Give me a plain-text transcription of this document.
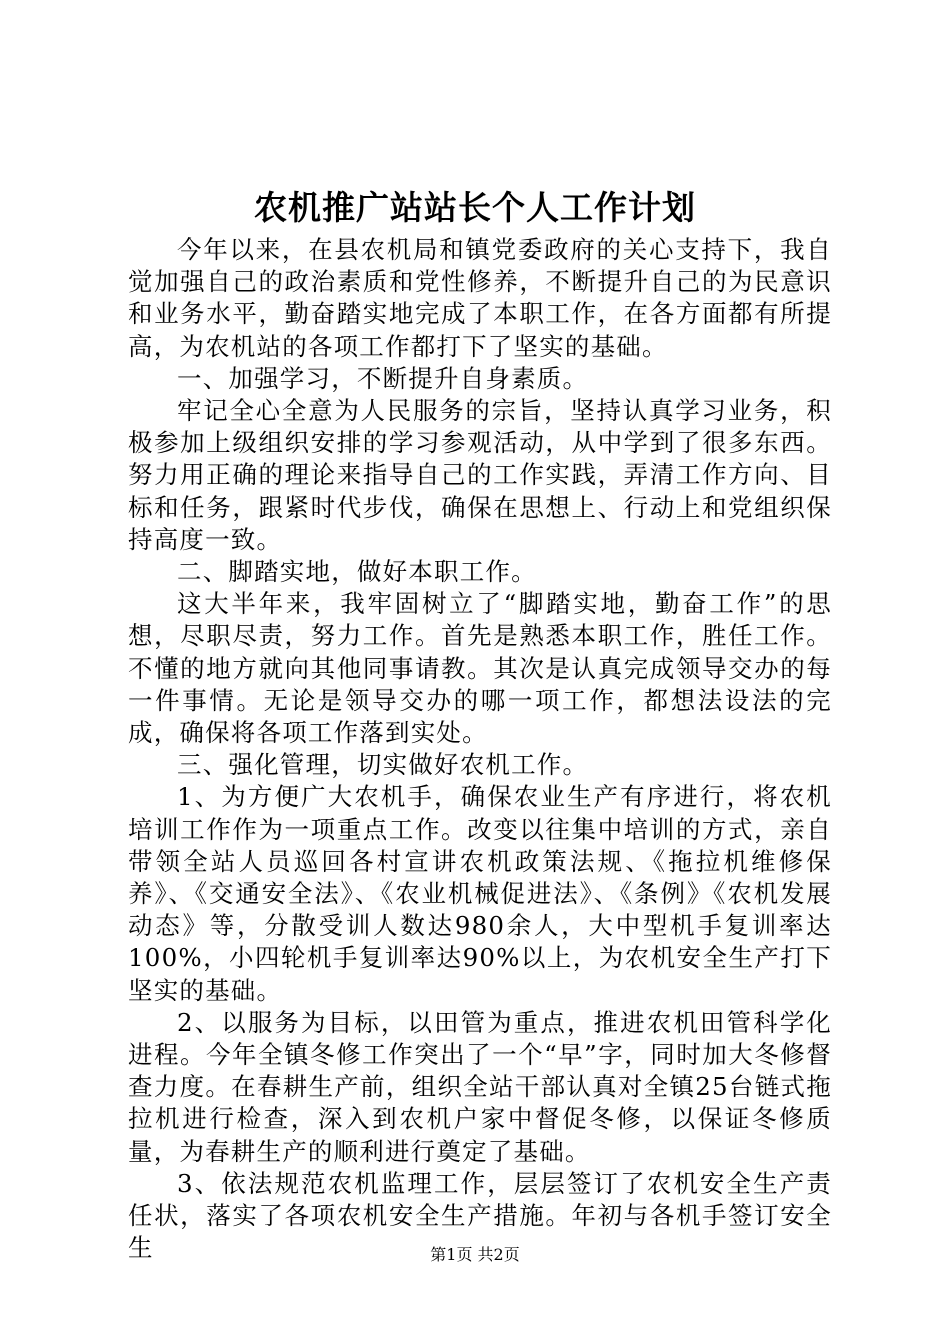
农机推广站站长个人工作计划

今年以来，在县农机局和镇党委政府的关心支持下，我自觉加强自己的政治素质和党性修养，不断提升自己的为民意识和业务水平，勤奋踏实地完成了本职工作，在各方面都有所提高，为农机站的各项工作都打下了坚实的基础。

一、加强学习，不断提升自身素质。

牢记全心全意为人民服务的宗旨，坚持认真学习业务，积极参加上级组织安排的学习参观活动，从中学到了很多东西。努力用正确的理论来指导自己的工作实践，弄清工作方向、目标和任务，跟紧时代步伐，确保在思想上、行动上和党组织保持高度一致。

二、脚踏实地，做好本职工作。

这大半年来，我牢固树立了“脚踏实地，勤奋工作”的思想，尽职尽责，努力工作。首先是熟悉本职工作，胜任工作。不懂的地方就向其他同事请教。其次是认真完成领导交办的每一件事情。无论是领导交办的哪一项工作，都想法设法的完成，确保将各项工作落到实处。

三、强化管理，切实做好农机工作。

1、为方便广大农机手，确保农业生产有序进行，将农机培训工作作为一项重点工作。改变以往集中培训的方式，亲自带领全站人员巡回各村宣讲农机政策法规、《拖拉机维修保养》、《交通安全法》、《农业机械促进法》、《条例》《农机发展动态》等，分散受训人数达980余人，大中型机手复训率达100%，小四轮机手复训率达90%以上，为农机安全生产打下坚实的基础。

2、以服务为目标，以田管为重点，推进农机田管科学化进程。今年全镇冬修工作突出了一个“早”字，同时加大冬修督查力度。在春耕生产前，组织全站干部认真对全镇25台链式拖拉机进行检查，深入到农机户家中督促冬修，以保证冬修质量，为春耕生产的顺利进行奠定了基础。

3、依法规范农机监理工作，层层签订了农机安全生产责任状，落实了各项农机安全生产措施。年初与各机手签订安全生	第1页 共2页
